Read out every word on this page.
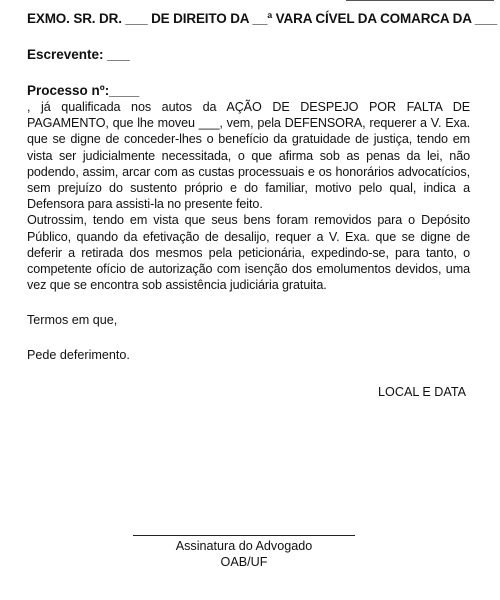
EXMO. SR. DR. ___ DE DIREITO DA __ª VARA CÍVEL DA COMARCA DA ___
Escrevente: ___
Processo nº:____

, já qualificada nos autos da AÇÃO DE DESPEJO POR FALTA DE PAGAMENTO, que lhe moveu ___, vem, pela DEFENSORA, requerer a V. Exa. que se digne de conceder-lhes o benefício da gratuidade de justiça, tendo em vista ser judicialmente necessitada, o que afirma sob as penas da lei, não podendo, assim, arcar com as custas processuais e os honorários advocatícios, sem prejuízo do sustento próprio e do familiar, motivo pelo qual, indica a Defensora para assisti-la no presente feito.

Outrossim, tendo em vista que seus bens foram removidos para o Depósito Público, quando da efetivação de desalijo, requer a V. Exa. que se digne de deferir a retirada dos mesmos pela peticionária, expedindo-se, para tanto, o competente ofício de autorização com isenção dos emolumentos devidos, uma vez que se encontra sob assistência judiciária gratuita.

Termos em que,

Pede deferimento.

LOCAL E DATA
Assinatura do Advogado
OAB/UF
